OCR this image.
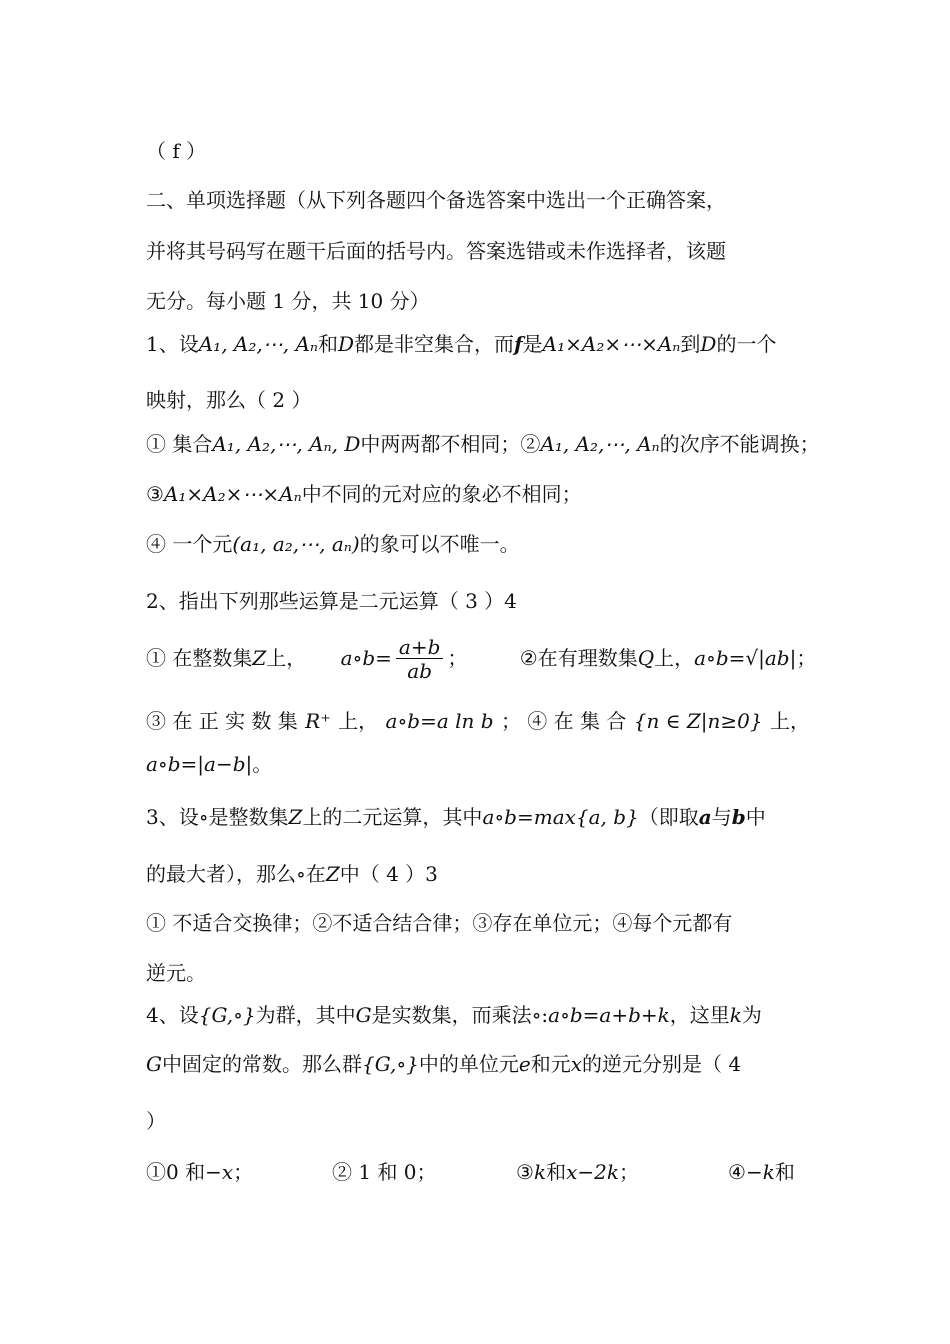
（ f ）
二、单项选择题（从下列各题四个备选答案中选出一个正确答案，
并将其号码写在题干后面的括号内。答案选错或未作选择者，该题
无分。每小题 1 分，共 10 分）
1、设A₁, A₂,⋯, Aₙ和D都是非空集合，而f是A₁×A₂×⋯×Aₙ到D的一个
映射，那么（ 2 ）
① 集合A₁, A₂,⋯, Aₙ, D中两两都不相同；②A₁, A₂,⋯, Aₙ的次序不能调换；
③A₁×A₂×⋯×Aₙ中不同的元对应的象必不相同；
④ 一个元(a₁, a₂,⋯, aₙ)的象可以不唯一。
2、指出下列那些运算是二元运算（ 3 ）4
① 在整数集Z上， a∘b= $\frac{a+b}{ab}$ ；	②在有理数集Q上，a∘b=√|ab|；
③ 在 正 实 数 集 R⁺ 上， a∘b=a ln b ； ④ 在 集 合 {n ∈ Z|n≥0} 上，
a∘b=|a−b|。
3、设∘是整数集Z上的二元运算，其中a∘b=max{a, b}（即取a与b中
的最大者），那么∘在Z中（ 4 ）3
① 不适合交换律；②不适合结合律；③存在单位元；④每个元都有
逆元。
4、设{G,∘}为群，其中G是实数集，而乘法∘:a∘b=a+b+k，这里k为
G中固定的常数。那么群{G,∘}中的单位元e和元x的逆元分别是（ 4
）
①0 和−x；	② 1 和 0；	③k和x−2k；	④−k和
